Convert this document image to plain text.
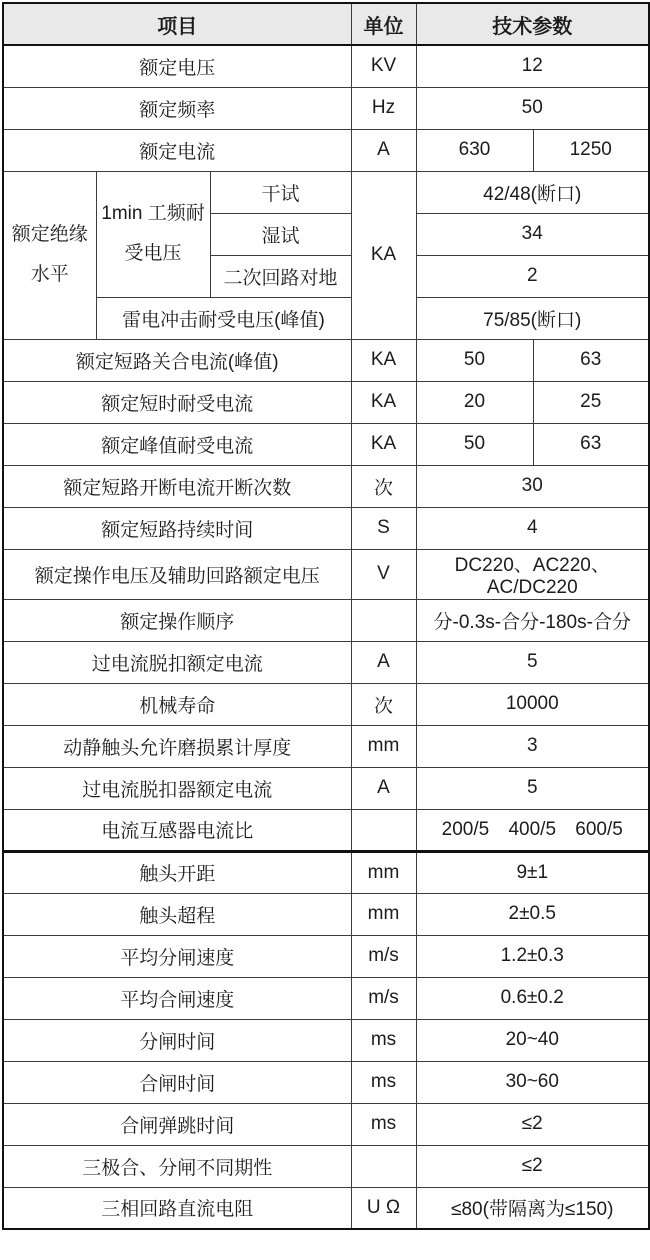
项目			单位	技术参数	
额定电压			KV	12	
额定频率			Hz	50	
额定电流			A	630	1250
额定绝缘水平	1min 工频耐受电压	干试	KA	42/48(断口)	
		湿试		34	
		二次回路对地		2	
	雷电冲击耐受电压(峰值)			75/85(断口)	
额定短路关合电流(峰值)			KA	50	63
额定短时耐受电流			KA	20	25
额定峰值耐受电流			KA	50	63
额定短路开断电流开断次数			次	30	
额定短路持续时间			S	4	
额定操作电压及辅助回路额定电压			V	DC220、AC220、AC/DC220	
额定操作顺序				分-0.3s-合分-180s-合分	
过电流脱扣额定电流			A	5	
机械寿命			次	10000	
动静触头允许磨损累计厚度			mm	3	
过电流脱扣器额定电流			A	5	
电流互感器电流比				200/5 400/5 600/5	
触头开距			mm	9±1	
触头超程			mm	2±0.5	
平均分闸速度			m/s	1.2±0.3	
平均合闸速度			m/s	0.6±0.2	
分闸时间			ms	20~40	
合闸时间			ms	30~60	
合闸弹跳时间			ms	≤2	
三极合、分闸不同期性				≤2	
三相回路直流电阻			U Ω	≤80(带隔离为≤150)	
